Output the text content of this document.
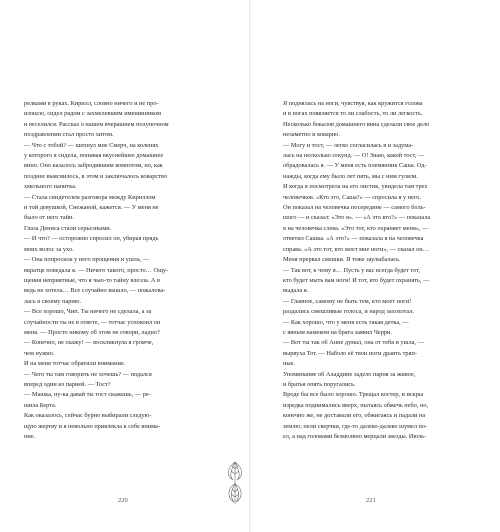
релками в руках. Кирилл, словно ничего и не про-
изошло, сидел рядом с захмелевшим именинником
и веселился. Рассказ о нашем вчерашнем полуночном
поздравлении стал просто хитом.
— Что с тобой? — шепнул мне Смерч, на коленях
у которого я сидела, попивая вкуснейшее домашнее
вино. Оно казалось забродившим компотом, но, как
позднее выяснилось, в этом и заключалось коварство
хмельного напитка.
— Стала свидетелем разговора между Кириллом
и той девушкой, Снежаной, кажется. — У меня не
было от него тайн.
Глаза Дениса стали серьезными.
— И что? — осторожно спросил он, убирая прядь
моих волос за ухо.
— Она попросила у него прощения и ушла, —
вкратце поведала я. — Ничего такого, просто… Ощу-
щения неприятные, что я чью-то тайну влезла. А в
ведь не хотела… Все случайно вышло, — пожалова-
лась я своему парню.
— Все хорошо, Чип. Ты ничего не сделала, а за
случайности ты не в ответе, — тотчас успокоил он
меня. — Просто никому об этом не говори, ладно?
— Конечно, не скажу! — воскликнула я громче,
чем нужно.
И на меня тотчас обратили внимание.
— Чего ты там говорить не хочешь? — подался
вперед один из парней. — Тост?
— Машка, ну-ка давай ты тост скажешь, — ре-
шила Берта.
Как оказалось, сейчас бурно выбирали следую-
щую жертву и я невольно привлекла к себе внима-
ние.
220
Я поднялась на ноги, чувствуя, как кружится голова
и в ногах появляется то ли слабость, то ли легкость.
Несколько бокалов домашнего вина сделали свое дело
незаметно и коварно.
— Могу и тост, — легко согласилась я и задумa-
лась на несколько секунд. — О! Знаю, какой тост, —
обрадовалась я. — У меня есть племянник Саша. Од-
нажды, когда ему было лет пять, мы с ним гуляли.
И когда я посмотрела на его листик, увидела там трех
человечков. «Кто это, Саша?» — спросила я у него.
Он показал на человечка посередине — самого боль-
шого — и сказал: «Это я». — «А это кто?» — показала
я на человечка слева. «Это тот, кто охраняет меня», —
ответил Сашка. «А это?» — показала я на человечка
справа. «А это тот, кто моет мне ноги», — сказал он…
Меня прервал смешки. Я тоже заулыбалась.
— Так вот, к чему я… Пусть у вас всегда будет тот,
кто будет мыть вам ноги! И тот, кто будет охранять, —
выдала я.
— Главное, самому не быть тем, кто моет ноги!
раздались смешливые голоса, и народ захохотал.
— Как хорошо, что у меня есть такая детка, —
с явным намеком на брата заявил Черри.
— Вот ты так об Анне думал, она от тебя и ушла, —
вырвуха Тот. — Наболо её твои ноги драить тряп-
ные.
Упоминание об Аладдине задело парня за живое,
и братья опять поругались.
Вроде бы все было хорошо. Трещал костер, и искры
изредка поднимались вверх, пытаясь обжечь небо, но,
конечно же, не доставали его, обжигаясь и падали на
землю; пели сверчки, где-то далеко-далеко шумел по-
ел, а над головами безмолвно мерцали звезды. Июль-
221
